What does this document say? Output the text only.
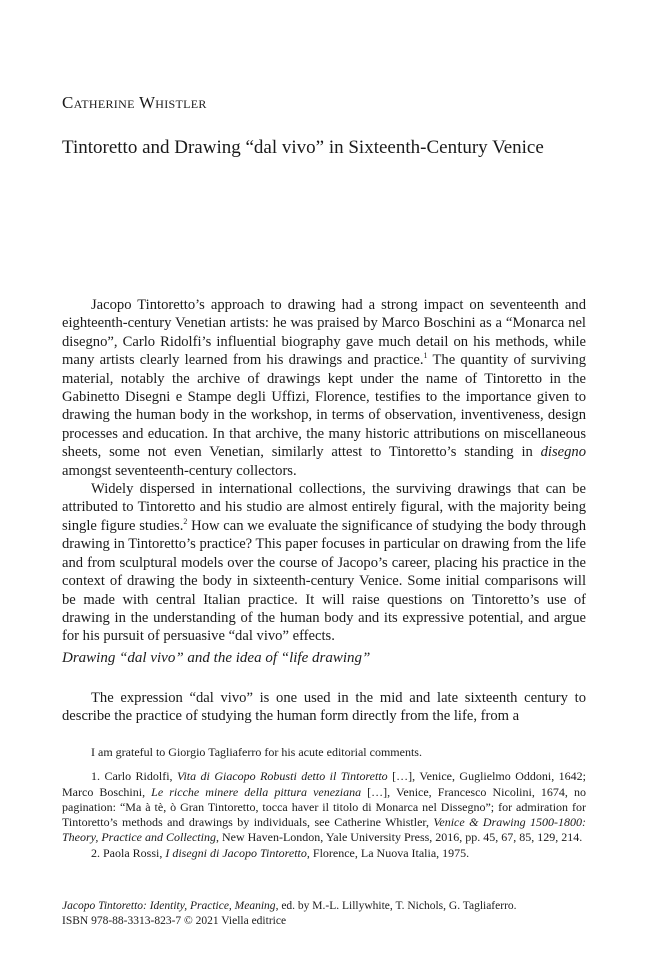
Catherine Whistler
Tintoretto and Drawing “dal vivo” in Sixteenth-Century Venice

Jacopo Tintoretto’s approach to drawing had a strong impact on seventeenth and eighteenth-century Venetian artists: he was praised by Marco Boschini as a “Monarca nel disegno”, Carlo Ridolfi’s influential biography gave much detail on his methods, while many artists clearly learned from his drawings and practice.$^1$ The quantity of surviving material, notably the archive of drawings kept under the name of Tintoretto in the Gabinetto Disegni e Stampe degli Uffizi, Florence, testifies to the importance given to drawing the human body in the workshop, in terms of observation, inventiveness, design processes and education. In that archive, the many historic attributions on miscellaneous sheets, some not even Venetian, similarly attest to Tintoretto’s standing in disegno amongst seventeenth-century collectors.

Widely dispersed in international collections, the surviving drawings that can be attributed to Tintoretto and his studio are almost entirely figural, with the majority being single figure studies.$^2$ How can we evaluate the significance of studying the body through drawing in Tintoretto’s practice? This paper focuses in particular on drawing from the life and from sculptural models over the course of Jacopo’s career, placing his practice in the context of drawing the body in sixteenth-century Venice. Some initial comparisons will be made with central Italian practice. It will raise questions on Tintoretto’s use of drawing in the understanding of the human body and its expressive potential, and argue for his pursuit of persuasive “dal vivo” effects.

Drawing “dal vivo” and the idea of “life drawing”

The expression “dal vivo” is one used in the mid and late sixteenth century to describe the practice of studying the human form directly from the life, from a

I am grateful to Giorgio Tagliaferro for his acute editorial comments.

1. Carlo Ridolfi, Vita di Giacopo Robusti detto il Tintoretto […], Venice, Guglielmo Oddoni, 1642; Marco Boschini, Le ricche minere della pittura veneziana […], Venice, Francesco Nicolini, 1674, no pagination: “Ma à tè, ò Gran Tintoretto, tocca haver il titolo di Monarca nel Dissegno”; for admiration for Tintoretto’s methods and drawings by individuals, see Catherine Whistler, Venice & Drawing 1500-1800: Theory, Practice and Collecting, New Haven-London, Yale University Press, 2016, pp. 45, 67, 85, 129, 214.

2. Paola Rossi, I disegni di Jacopo Tintoretto, Florence, La Nuova Italia, 1975.

Jacopo Tintoretto: Identity, Practice, Meaning, ed. by M.-L. Lillywhite, T. Nichols, G. Tagliaferro.
ISBN 978-88-3313-823-7 © 2021 Viella editrice
